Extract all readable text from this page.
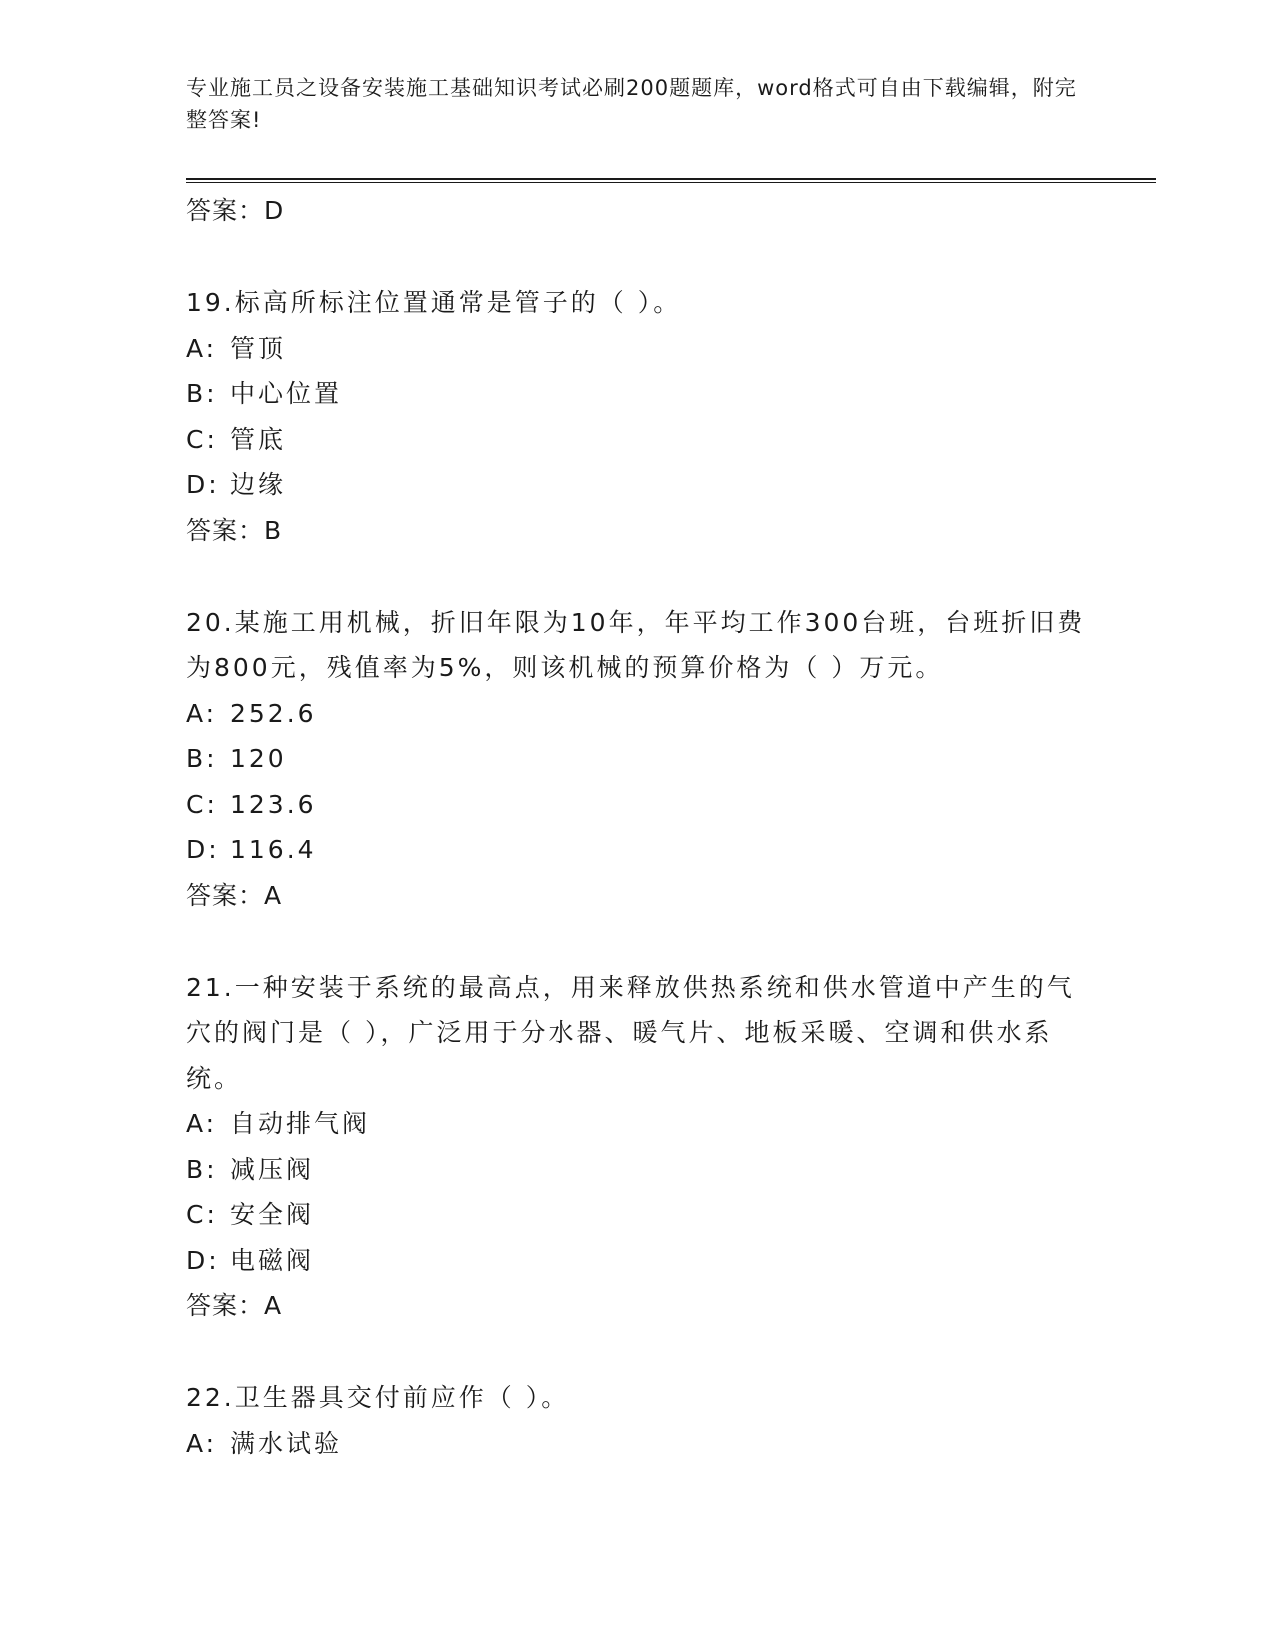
专业施工员之设备安装施工基础知识考试必刷200题题库，word格式可自由下载编辑，附完整答案!
答案：D
19.标高所标注位置通常是管子的（ ）。
A: 管顶
B: 中心位置
C: 管底
D: 边缘
答案：B
20.某施工用机械，折旧年限为10年，年平均工作300台班，台班折旧费为800元，残值率为5%，则该机械的预算价格为（ ）万元。
A: 252.6
B: 120
C: 123.6
D: 116.4
答案：A
21.一种安装于系统的最高点，用来释放供热系统和供水管道中产生的气穴的阀门是（ ），广泛用于分水器、暖气片、地板采暖、空调和供水系统。
A: 自动排气阀
B: 减压阀
C: 安全阀
D: 电磁阀
答案：A
22.卫生器具交付前应作（ ）。
A: 满水试验
